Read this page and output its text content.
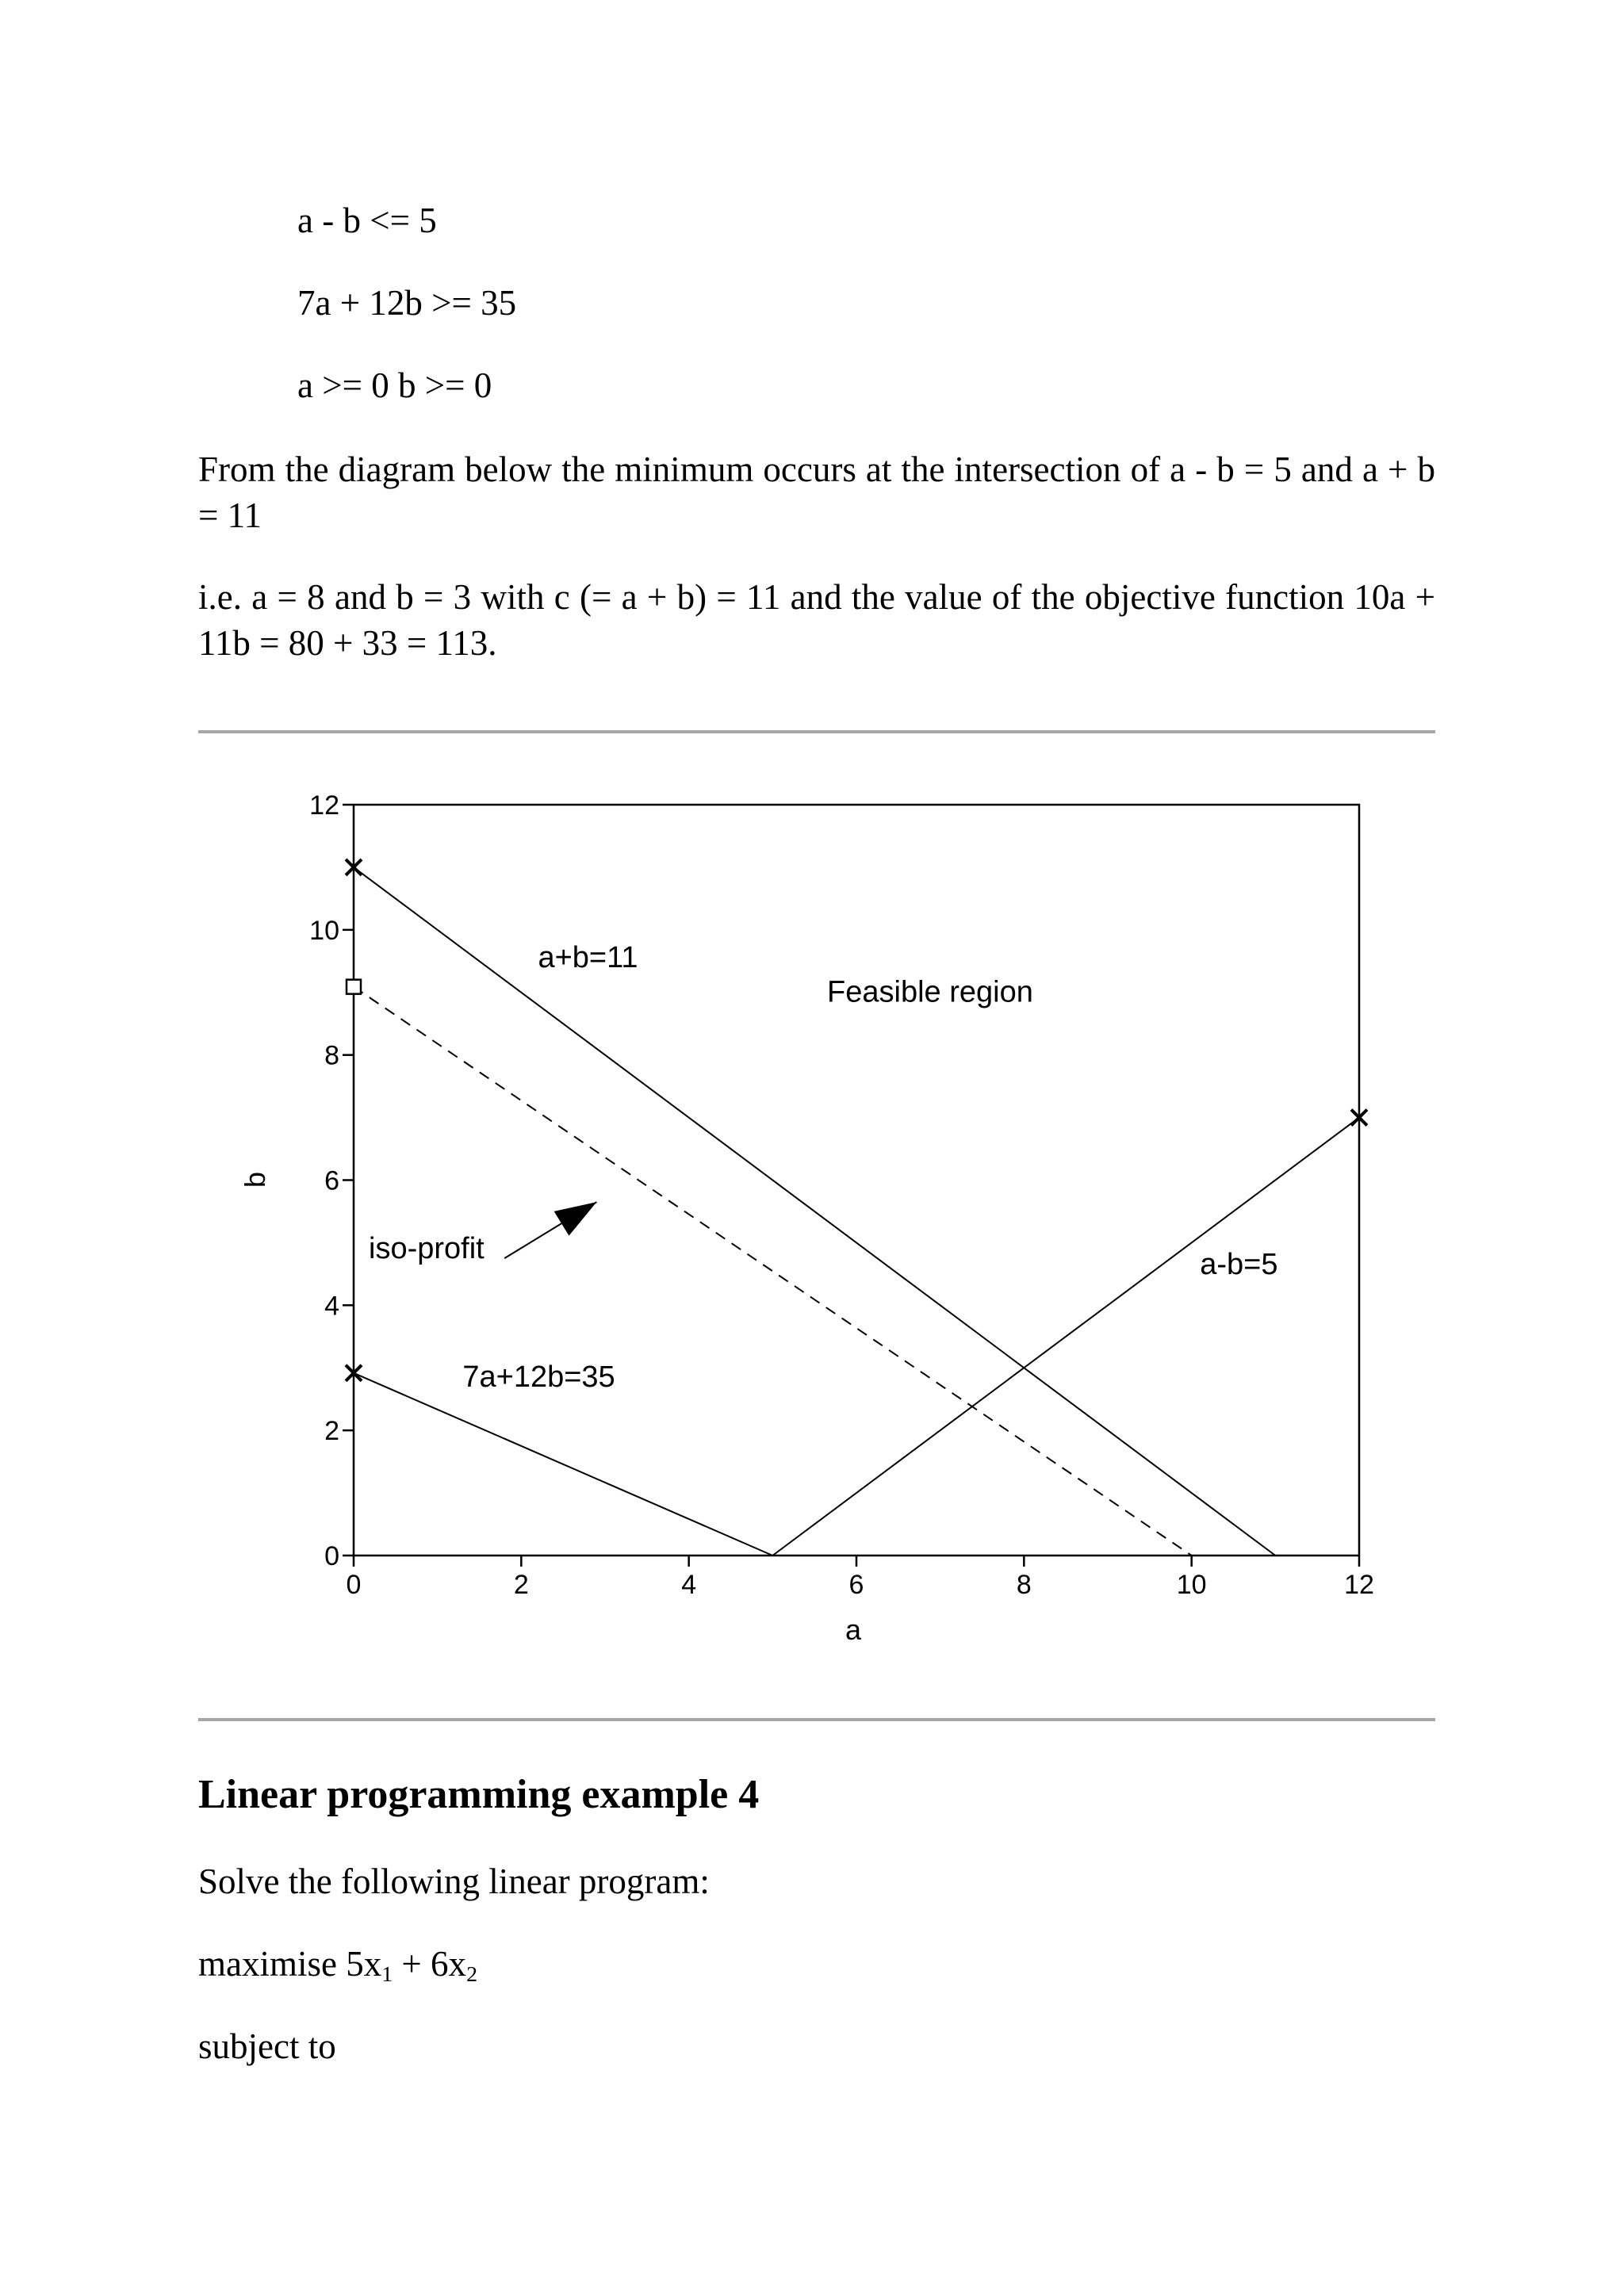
a - b <= 5
7a + 12b >= 35
a >= 0 b >= 0
From the diagram below the minimum occurs at the intersection of a - b = 5 and a + b = 11
i.e. a = 8 and b = 3 with c (= a + b) = 11 and the value of the objective function 10a + 11b = 80 + 33 = 113.
0
2
4
6
8
10
12
0	2	4	6	8	10	12
a+b=11
Feasible region
iso-profit	a-b=5
7a+12b=35
a
b
Linear programming example 4
Solve the following linear program:
maximise $5x_1 + 6x_2$
subject to
